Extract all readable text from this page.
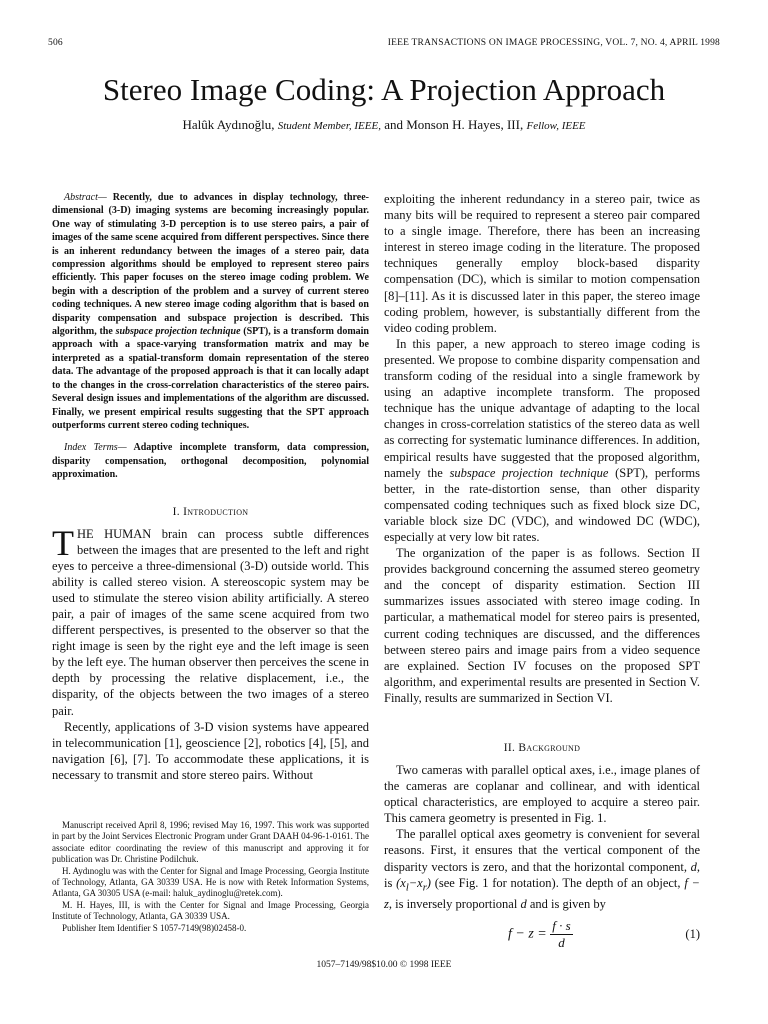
506	IEEE TRANSACTIONS ON IMAGE PROCESSING, VOL. 7, NO. 4, APRIL 1998
Stereo Image Coding: A Projection Approach
Halûk Aydınoğlu, Student Member, IEEE, and Monson H. Hayes, III, Fellow, IEEE

Abstract— Recently, due to advances in display technology, three-dimensional (3-D) imaging systems are becoming increasingly popular. One way of stimulating 3-D perception is to use stereo pairs, a pair of images of the same scene acquired from different perspectives. Since there is an inherent redundancy between the images of a stereo pair, data compression algorithms should be employed to represent stereo pairs efficiently. This paper focuses on the stereo image coding problem. We begin with a description of the problem and a survey of current stereo coding techniques. A new stereo image coding algorithm that is based on disparity compensation and subspace projection is described. This algorithm, the subspace projection technique (SPT), is a transform domain approach with a space-varying transformation matrix and may be interpreted as a spatial-transform domain representation of the stereo data. The advantage of the proposed approach is that it can locally adapt to the changes in the cross-correlation characteristics of the stereo pairs. Several design issues and implementations of the algorithm are discussed. Finally, we present empirical results suggesting that the SPT approach outperforms current stereo coding techniques.

Index Terms— Adaptive incomplete transform, data compression, disparity compensation, orthogonal decomposition, polynomial approximation.

I. Introduction

THE HUMAN brain can process subtle differences between the images that are presented to the left and right eyes to perceive a three-dimensional (3-D) outside world. This ability is called stereo vision. A stereoscopic system may be used to stimulate the stereo vision ability artificially. A stereo pair, a pair of images of the same scene acquired from two different perspectives, is presented to the observer so that the right image is seen by the right eye and the left image is seen by the left eye. The human observer then perceives the scene in depth by processing the relative displacement, i.e., the disparity, of the objects between the two images of a stereo pair.

Recently, applications of 3-D vision systems have appeared in telecommunication [1], geoscience [2], robotics [4], [5], and navigation [6], [7]. To accommodate these applications, it is necessary to transmit and store stereo pairs. Without

Manuscript received April 8, 1996; revised May 16, 1997. This work was supported in part by the Joint Services Electronic Program under Grant DAAH 04-96-1-0161. The associate editor coordinating the review of this manuscript and approving it for publication was Dr. Christine Podilchuk.

H. Aydınoglu was with the Center for Signal and Image Processing, Georgia Institute of Technology, Atlanta, GA 30339 USA. He is now with Retek Information Systems, Atlanta, GA 30305 USA (e-mail: haluk_aydinoglu@retek.com).

M. H. Hayes, III, is with the Center for Signal and Image Processing, Georgia Institute of Technology, Atlanta, GA 30339 USA.

Publisher Item Identifier S 1057-7149(98)02458-0.

exploiting the inherent redundancy in a stereo pair, twice as many bits will be required to represent a stereo pair compared to a single image. Therefore, there has been an increasing interest in stereo image coding in the literature. The proposed techniques generally employ block-based disparity compensation (DC), which is similar to motion compensation [8]–[11]. As it is discussed later in this paper, the stereo image coding problem, however, is substantially different from the video coding problem.

In this paper, a new approach to stereo image coding is presented. We propose to combine disparity compensation and transform coding of the residual into a single framework by using an adaptive incomplete transform. The proposed technique has the unique advantage of adapting to the local changes in cross-correlation statistics of the stereo data as well as correcting for systematic luminance differences. In addition, empirical results have suggested that the proposed algorithm, namely the subspace projection technique (SPT), performs better, in the rate-distortion sense, than other disparity compensated coding techniques such as fixed block size DC, variable block size DC (VDC), and windowed DC (WDC), especially at very low bit rates.

The organization of the paper is as follows. Section II provides background concerning the assumed stereo geometry and the concept of disparity estimation. Section III summarizes issues associated with stereo image coding. In particular, a mathematical model for stereo pairs is presented, current coding techniques are discussed, and the differences between stereo pairs and image pairs from a video sequence are explained. Section IV focuses on the proposed SPT algorithm, and experimental results are presented in Section V. Finally, results are summarized in Section VI.

II. Background

Two cameras with parallel optical axes, i.e., image planes of the cameras are coplanar and collinear, and with identical optical characteristics, are employed to acquire a stereo pair. This camera geometry is presented in Fig. 1.

The parallel optical axes geometry is convenient for several reasons. First, it ensures that the vertical component of the disparity vectors is zero, and that the horizontal component, d, is $(x_l-x_r)$ (see Fig. 1 for notation). The depth of an object, f − z, is inversely proportional d and is given by

$f - z = \frac{f \cdot s}{d}$	(1)
1057–7149/98$10.00 © 1998 IEEE
